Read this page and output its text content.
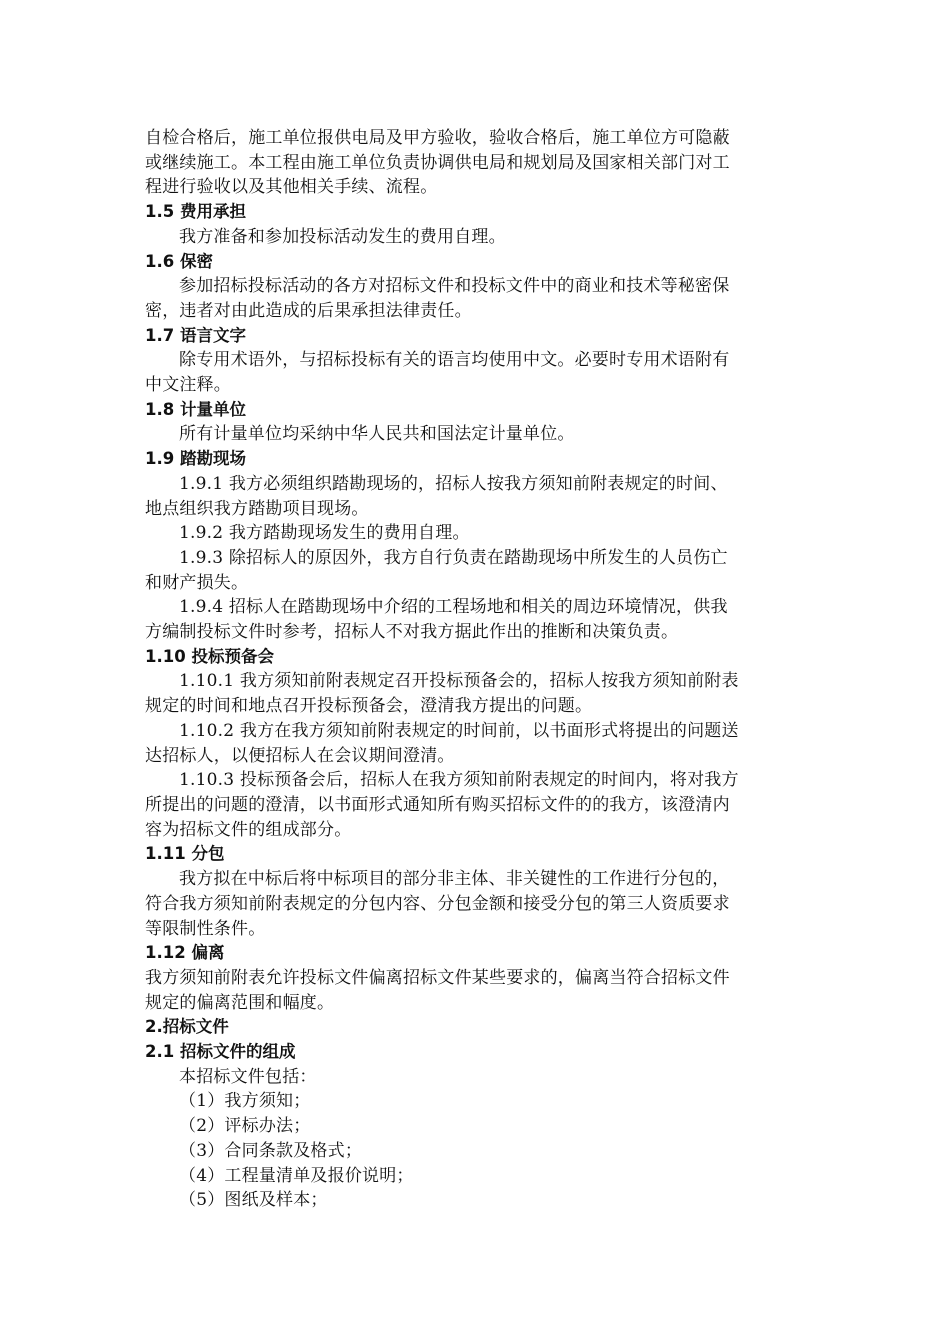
自检合格后，施工单位报供电局及甲方验收，验收合格后，施工单位方可隐蔽
或继续施工。本工程由施工单位负责协调供电局和规划局及国家相关部门对工
程进行验收以及其他相关手续、流程。
1.5 费用承担
我方准备和参加投标活动发生的费用自理。
1.6 保密
参加招标投标活动的各方对招标文件和投标文件中的商业和技术等秘密保
密，违者对由此造成的后果承担法律责任。
1.7 语言文字
除专用术语外，与招标投标有关的语言均使用中文。必要时专用术语附有
中文注释。
1.8 计量单位
所有计量单位均采纳中华人民共和国法定计量单位。
1.9 踏勘现场
1.9.1 我方必须组织踏勘现场的，招标人按我方须知前附表规定的时间、
地点组织我方踏勘项目现场。
1.9.2 我方踏勘现场发生的费用自理。
1.9.3 除招标人的原因外，我方自行负责在踏勘现场中所发生的人员伤亡
和财产损失。
1.9.4 招标人在踏勘现场中介绍的工程场地和相关的周边环境情况，供我
方编制投标文件时参考，招标人不对我方据此作出的推断和决策负责。
1.10 投标预备会
1.10.1 我方须知前附表规定召开投标预备会的，招标人按我方须知前附表
规定的时间和地点召开投标预备会，澄清我方提出的问题。
1.10.2 我方在我方须知前附表规定的时间前，以书面形式将提出的问题送
达招标人，以便招标人在会议期间澄清。
1.10.3 投标预备会后，招标人在我方须知前附表规定的时间内，将对我方
所提出的问题的澄清，以书面形式通知所有购买招标文件的的我方，该澄清内
容为招标文件的组成部分。
1.11 分包
我方拟在中标后将中标项目的部分非主体、非关键性的工作进行分包的，
符合我方须知前附表规定的分包内容、分包金额和接受分包的第三人资质要求
等限制性条件。
1.12 偏离
我方须知前附表允许投标文件偏离招标文件某些要求的，偏离当符合招标文件
规定的偏离范围和幅度。
2.招标文件
2.1 招标文件的组成
本招标文件包括：
（1）我方须知；
（2）评标办法；
（3）合同条款及格式；
（4）工程量清单及报价说明；
（5）图纸及样本；
